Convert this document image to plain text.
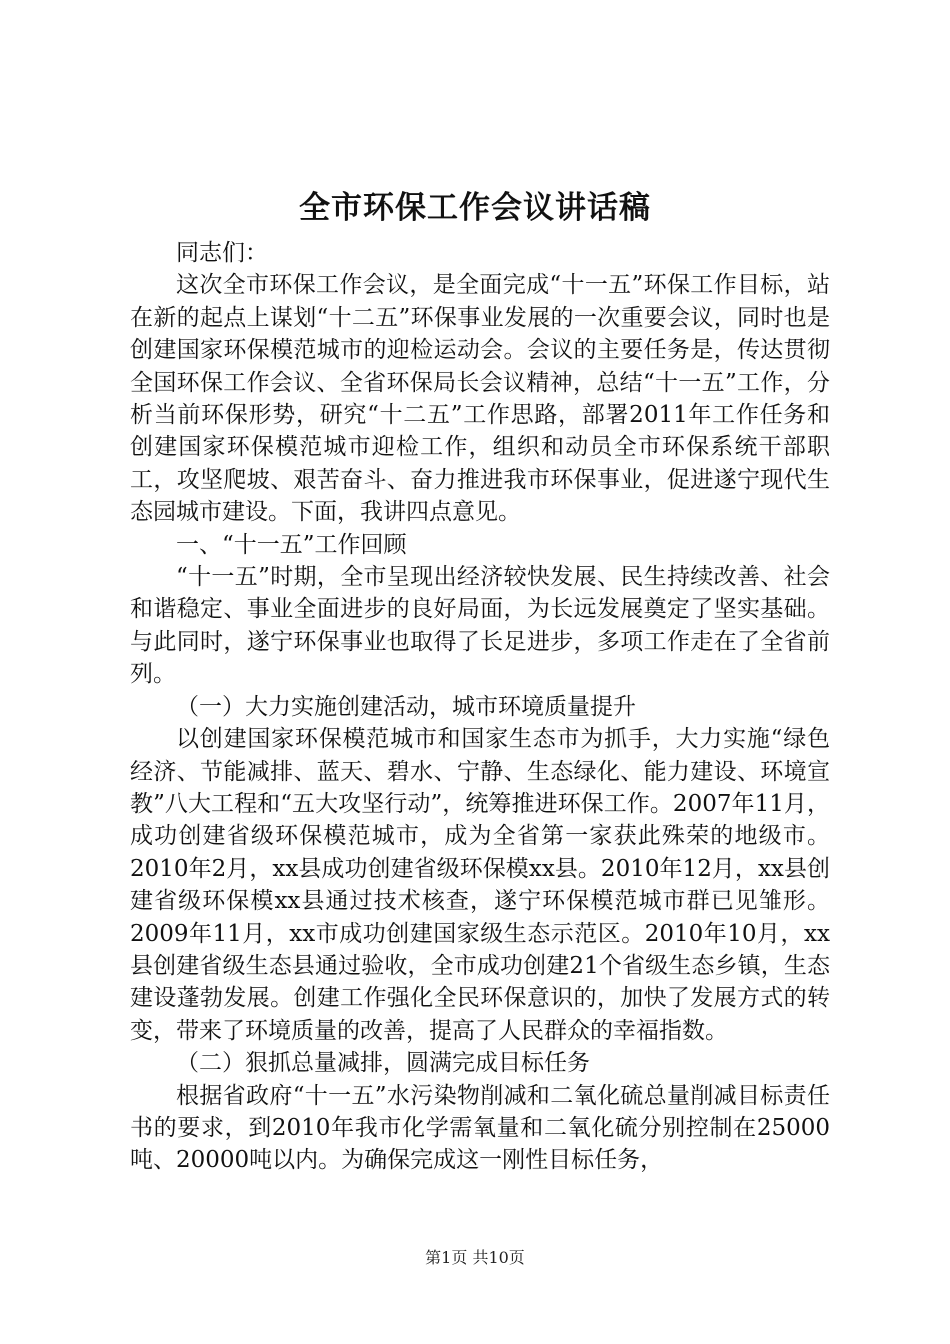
全市环保工作会议讲话稿

同志们：

这次全市环保工作会议，是全面完成“十一五”环保工作目标，站在新的起点上谋划“十二五”环保事业发展的一次重要会议，同时也是创建国家环保模范城市的迎检运动会。会议的主要任务是，传达贯彻全国环保工作会议、全省环保局长会议精神，总结“十一五”工作，分析当前环保形势，研究“十二五”工作思路，部署2011年工作任务和创建国家环保模范城市迎检工作，组织和动员全市环保系统干部职工，攻坚爬坡、艰苦奋斗、奋力推进我市环保事业，促进遂宁现代生态园城市建设。下面，我讲四点意见。

一、“十一五”工作回顾

“十一五”时期，全市呈现出经济较快发展、民生持续改善、社会和谐稳定、事业全面进步的良好局面，为长远发展奠定了坚实基础。与此同时，遂宁环保事业也取得了长足进步，多项工作走在了全省前列。

（一）大力实施创建活动，城市环境质量提升

以创建国家环保模范城市和国家生态市为抓手，大力实施“绿色经济、节能减排、蓝天、碧水、宁静、生态绿化、能力建设、环境宣教”八大工程和“五大攻坚行动”，统筹推进环保工作。2007年11月，成功创建省级环保模范城市，成为全省第一家获此殊荣的地级市。2010年2月，xx县成功创建省级环保模xx县。2010年12月，xx县创建省级环保模xx县通过技术核查，遂宁环保模范城市群已见雏形。2009年11月，xx市成功创建国家级生态示范区。2010年10月，xx县创建省级生态县通过验收，全市成功创建21个省级生态乡镇，生态建设蓬勃发展。创建工作强化全民环保意识的，加快了发展方式的转变，带来了环境质量的改善，提高了人民群众的幸福指数。

（二）狠抓总量减排，圆满完成目标任务

根据省政府“十一五”水污染物削减和二氧化硫总量削减目标责任书的要求，到2010年我市化学需氧量和二氧化硫分别控制在25000吨、20000吨以内。为确保完成这一刚性目标任务，

第1页 共10页
